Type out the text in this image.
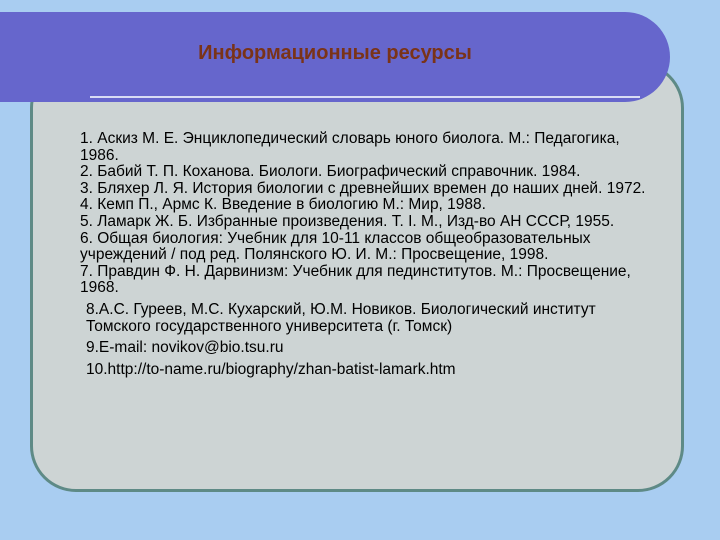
Информационные ресурсы

1. Аскиз М. Е. Энциклопедический словарь юного биолога. М.: Педагогика, 1986.

2. Бабий Т. П. Коханова. Биологи. Биографический справочник. 1984.

3. Бляхер Л. Я. История биологии с древнейших времен до наших дней. 1972.

4. Кемп П., Армс К. Введение в биологию М.: Мир, 1988.

5. Ламарк Ж. Б. Избранные произведения. Т. I. М., Изд-во АН СССР, 1955.

6. Общая биология: Учебник для 10-11 классов общеобразовательных учреждений / под ред. Полянского Ю. И. М.: Просвещение, 1998.

7. Правдин Ф. Н. Дарвинизм: Учебник для пединститутов. М.: Просвещение, 1968.

8.А.С. Гуреев, М.С. Кухарский, Ю.М. Новиков. Биологический институт Томского государственного университета (г. Томск)

9.E-mail: novikov@bio.tsu.ru

10.http://to-name.ru/biography/zhan-batist-lamark.htm
